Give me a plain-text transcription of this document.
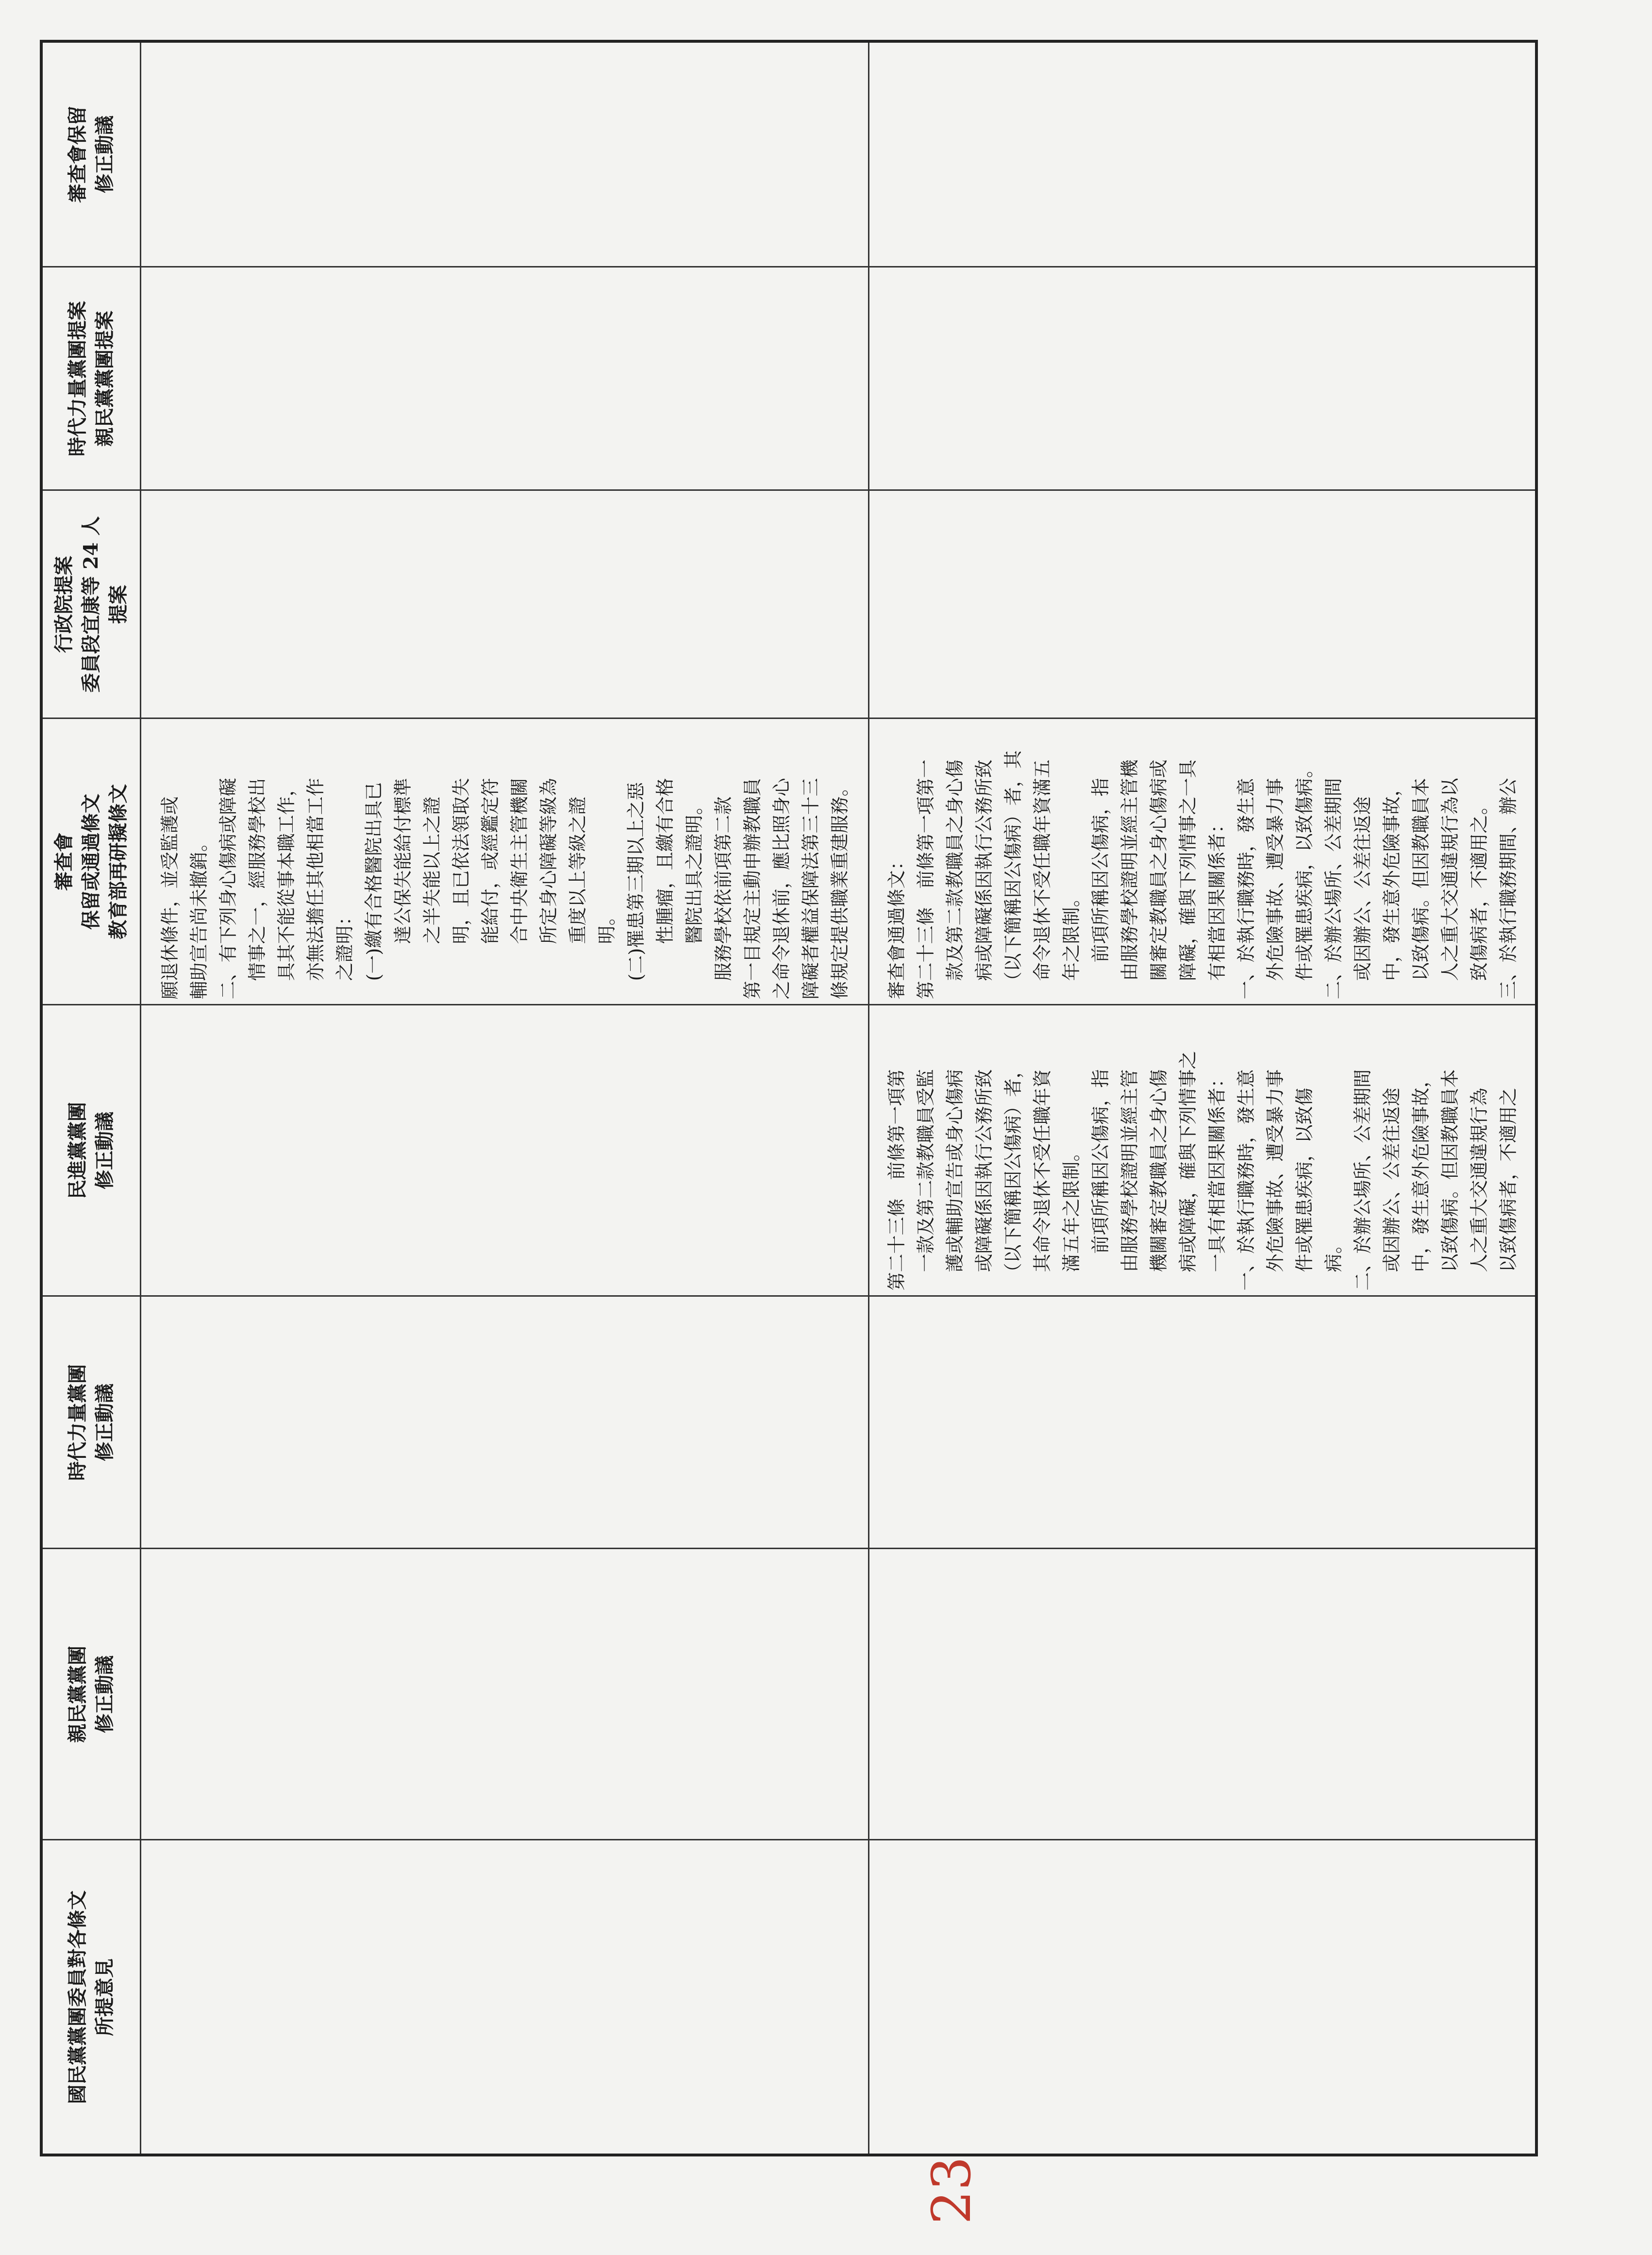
審查會保留
修正動議
時代力量黨團提案
親民黨黨團提案
行政院提案
委員段宜康等 24 人
提案
審查會
保留或通過條文
教育部再研擬條文
民進黨黨團
修正動議
時代力量黨團
修正動議
親民黨黨團
修正動議
國民黨黨團委員對各條文
所提意見
願退休條件，並受監護或
輔助宣告尚未撤銷。
二、有下列身心傷病或障礙
　情事之一，經服務學校出
　具其不能從事本職工作，
　亦無法擔任其他相當工作
　之證明：
　(一)繳有合格醫院出具已
　　　達公保失能給付標準
　　　之半失能以上之證
　　　明，且已依法領取失
　　　能給付，或經鑑定符
　　　合中央衛生主管機關
　　　所定身心障礙等級為
　　　重度以上等級之證
　　　明。
　(二)罹患第三期以上之惡
　　　性腫瘤，且繳有合格
　　　醫院出具之證明。
　服務學校依前項第二款
第一目規定主動申辦教職員
之命令退休前，應比照身心
障礙者權益保障法第三十三
條規定提供職業重建服務。 審查會通過條文：
第二十三條　前條第一項第一
　款及第二款教職員之身心傷
　病或障礙係因執行公務所致
　（以下簡稱因公傷病）者，其
　命令退休不受任職年資滿五
　年之限制。
　　前項所稱因公傷病，指
　由服務學校證明並經主管機
　關審定教職員之身心傷病或
　障礙，確與下列情事之一具
　有相當因果關係者：
一、於執行職務時，發生意
　外危險事故、遭受暴力事
　件或罹患疾病，以致傷病。
二、於辦公場所、公差期間
　或因辦公、公差往返途
　中，發生意外危險事故，
　以致傷病。但因教職員本
　人之重大交通違規行為以
　致傷病者，不適用之。
三、於執行職務期間、辦公
第二十三條　前條第一項第
　一款及第二款教職員受監
　護或輔助宣告或身心傷病
　或障礙係因執行公務所致
　（以下簡稱因公傷病）者，
　其命令退休不受任職年資
　滿五年之限制。
　　前項所稱因公傷病，指
　由服務學校證明並經主管
　機關審定教職員之身心傷
　病或障礙，確與下列情事之
　一具有相當因果關係者：
一、於執行職務時，發生意
　外危險事故、遭受暴力事
　件或罹患疾病，以致傷
　病。
二、於辦公場所、公差期間
　或因辦公、公差往返途
　中，發生意外危險事故，
　以致傷病。但因教職員本
　人之重大交通違規行為
　以致傷病者，不適用之
23
